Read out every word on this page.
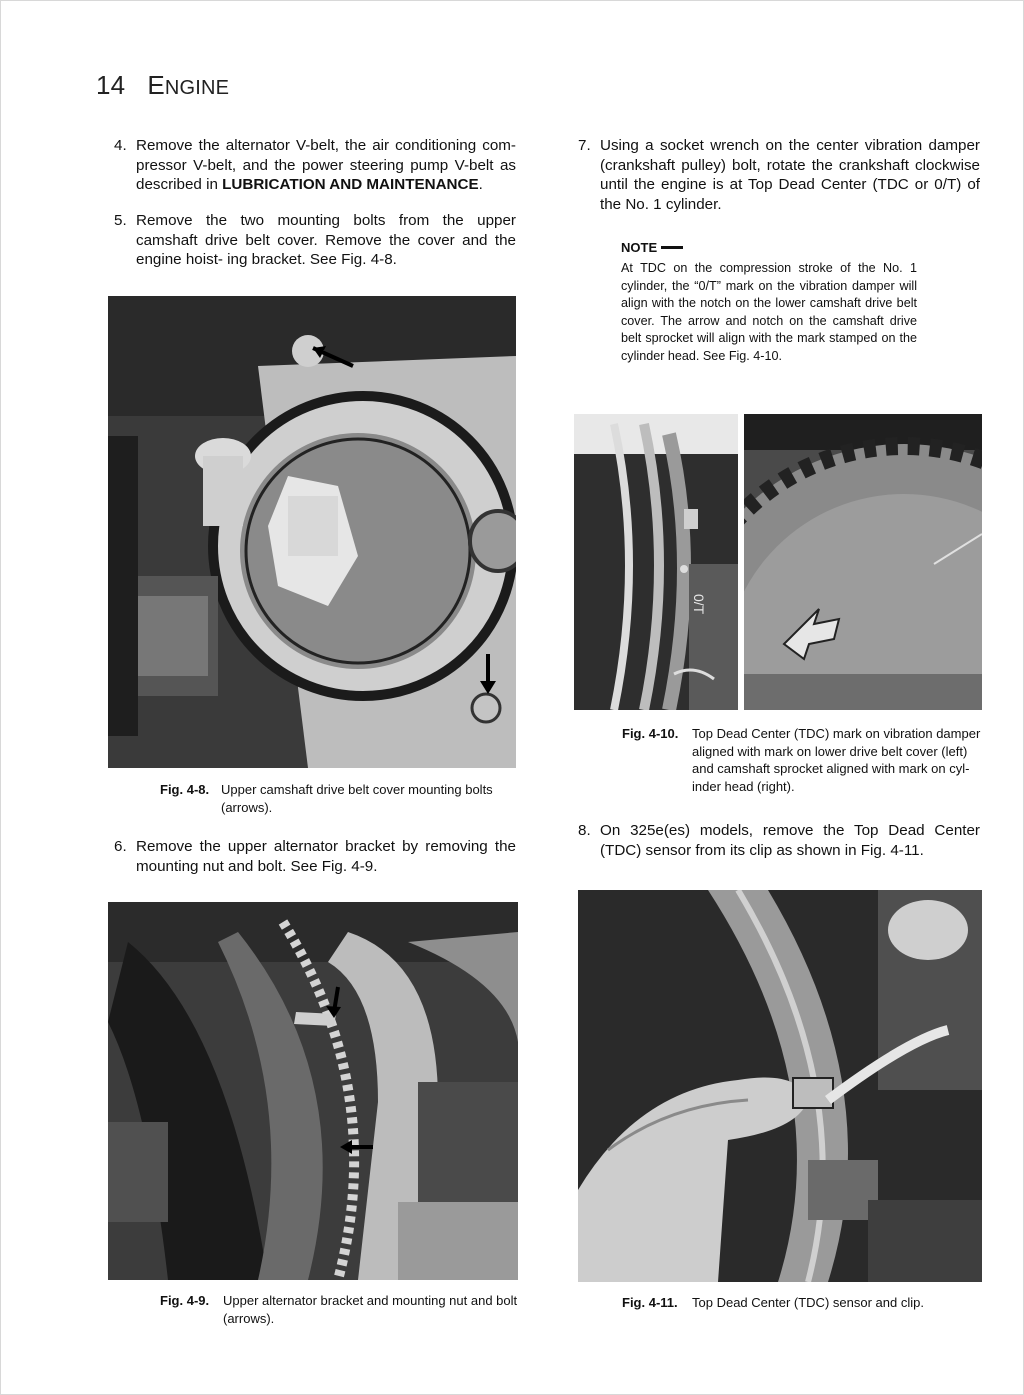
14 ENGINE
4. Remove the alternator V-belt, the air conditioning com- pressor V-belt, and the power steering pump V-belt as described in LUBRICATION AND MAINTENANCE.
5. Remove the two mounting bolts from the upper camshaft drive belt cover. Remove the cover and the engine hoist- ing bracket. See Fig. 4-8.
Fig. 4-8. Upper camshaft drive belt cover mounting bolts (arrows).
6. Remove the upper alternator bracket by removing the mounting nut and bolt. See Fig. 4-9.
Fig. 4-9. Upper alternator bracket and mounting nut and bolt (arrows).
7. Using a socket wrench on the center vibration damper (crankshaft pulley) bolt, rotate the crankshaft clockwise until the engine is at Top Dead Center (TDC or 0/T) of the No. 1 cylinder.
NOTE
At TDC on the compression stroke of the No. 1 cylinder, the “0/T” mark on the vibration damper will align with the notch on the lower camshaft drive belt cover. The arrow and notch on the camshaft drive belt sprocket will align with the mark stamped on the cylinder head. See Fig. 4-10.
0/T
Fig. 4-10. Top Dead Center (TDC) mark on vibration damper aligned with mark on lower drive belt cover (left) and camshaft sprocket aligned with mark on cyl- inder head (right).
8. On 325e(es) models, remove the Top Dead Center (TDC) sensor from its clip as shown in Fig. 4-11.
Fig. 4-11. Top Dead Center (TDC) sensor and clip.
